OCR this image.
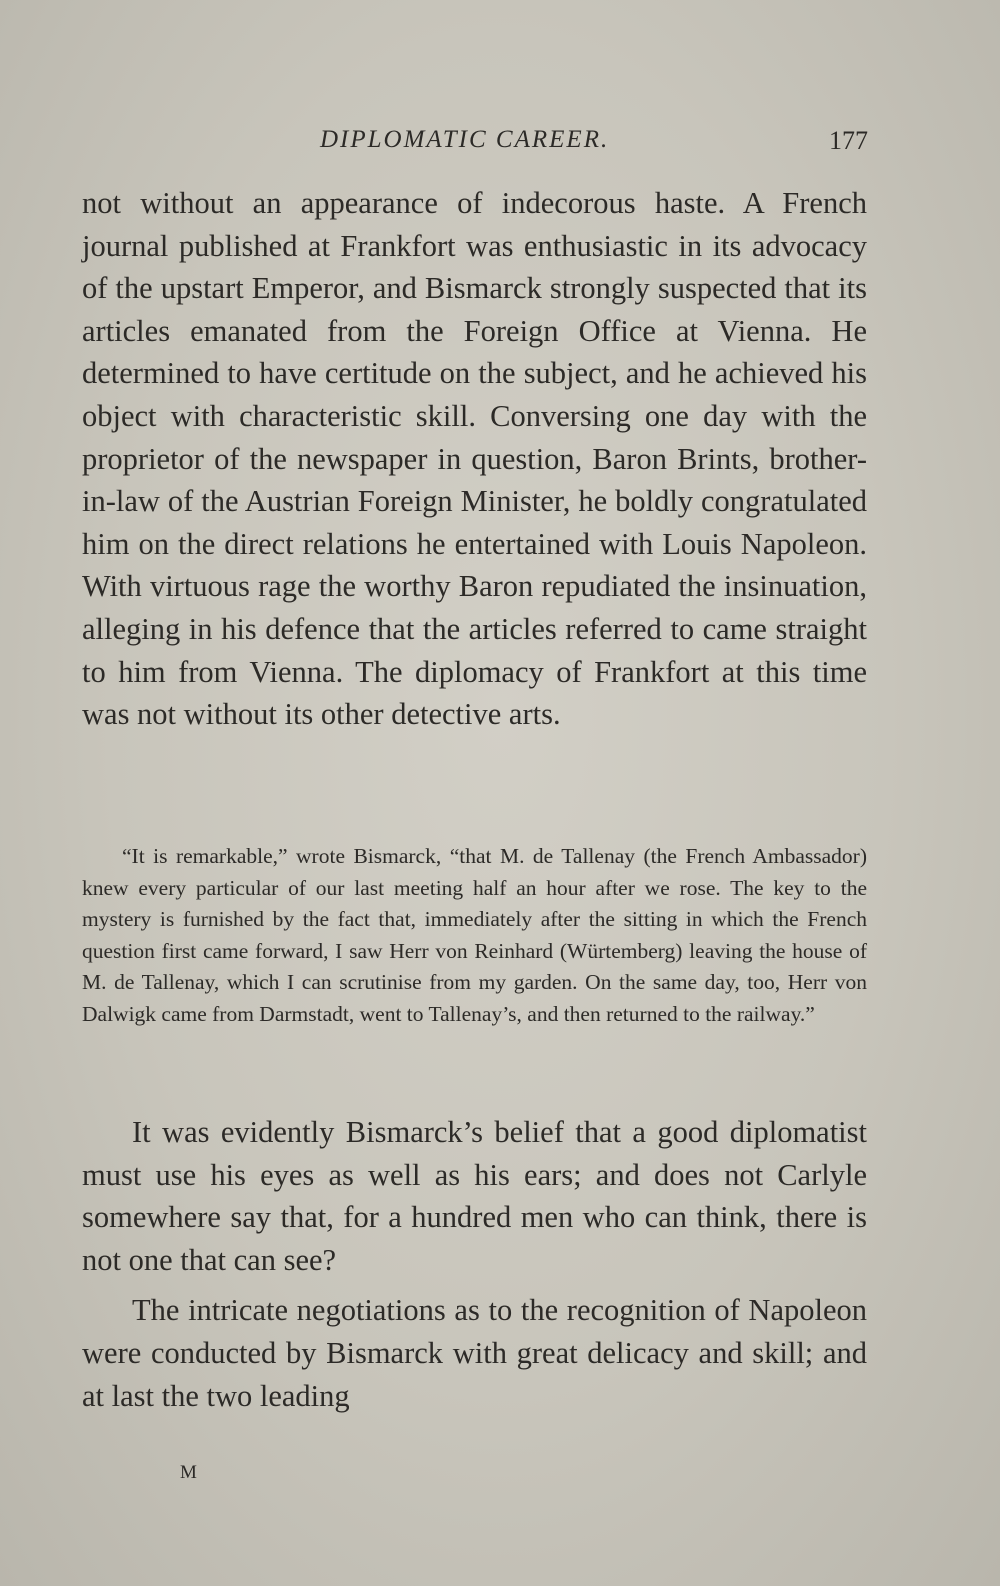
DIPLOMATIC CAREER.	177

not without an appearance of indecorous haste. A French journal published at Frankfort was enthusiastic in its advocacy of the upstart Emperor, and Bismarck strongly suspected that its articles emanated from the Foreign Office at Vienna. He determined to have certitude on the subject, and he achieved his object with characteristic skill. Conversing one day with the proprietor of the newspaper in question, Baron Brints, brother-in-law of the Austrian Foreign Minister, he boldly congratulated him on the direct relations he entertained with Louis Napoleon. With virtuous rage the worthy Baron repudiated the insinuation, alleging in his defence that the articles referred to came straight to him from Vienna. The diplomacy of Frankfort at this time was not without its other detective arts.

“It is remarkable,” wrote Bismarck, “that M. de Tallenay (the French Ambassador) knew every particular of our last meeting half an hour after we rose. The key to the mystery is furnished by the fact that, immediately after the sitting in which the French question first came forward, I saw Herr von Reinhard (Würtemberg) leaving the house of M. de Tallenay, which I can scrutinise from my garden. On the same day, too, Herr von Dalwigk came from Darmstadt, went to Tallenay’s, and then returned to the railway.”

It was evidently Bismarck’s belief that a good diplomatist must use his eyes as well as his ears; and does not Carlyle somewhere say that, for a hundred men who can think, there is not one that can see?

The intricate negotiations as to the recognition of Napoleon were conducted by Bismarck with great delicacy and skill; and at last the two leading

M
